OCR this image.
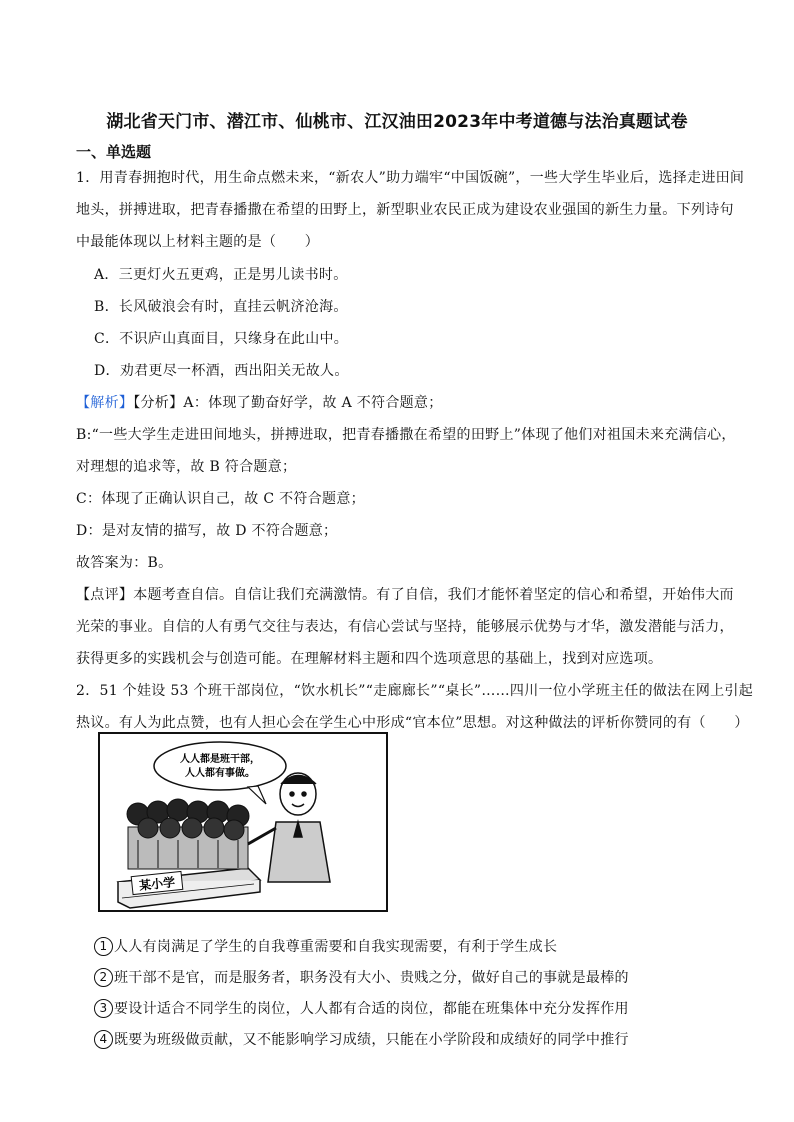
湖北省天门市、潜江市、仙桃市、江汉油田2023年中考道德与法治真题试卷
一、单选题
1．用青春拥抱时代，用生命点燃未来，“新农人”助力端牢“中国饭碗”，一些大学生毕业后，选择走进田间
地头，拼搏进取，把青春播撒在希望的田野上，新型职业农民正成为建设农业强国的新生力量。下列诗句
中最能体现以上材料主题的是（　　）
A．三更灯火五更鸡，正是男儿读书时。
B．长风破浪会有时，直挂云帆济沧海。
C．不识庐山真面目，只缘身在此山中。
D．劝君更尽一杯酒，西出阳关无故人。
【解析】【分析】A：体现了勤奋好学，故 A 不符合题意；
B:“一些大学生走进田间地头，拼搏进取，把青春播撒在希望的田野上”体现了他们对祖国未来充满信心，
对理想的追求等，故 B 符合题意；
C：体现了正确认识自己，故 C 不符合题意；
D：是对友情的描写，故 D 不符合题意；
故答案为：B。
【点评】本题考查自信。自信让我们充满激情。有了自信，我们才能怀着坚定的信心和希望，开始伟大而
光荣的事业。自信的人有勇气交往与表达，有信心尝试与坚持，能够展示优势与才华，激发潜能与活力，
获得更多的实践机会与创造可能。在理解材料主题和四个选项意思的基础上，找到对应选项。
2．51 个娃设 53 个班干部岗位，“饮水机长”“走廊廊长”“桌长”……四川一位小学班主任的做法在网上引起
热议。有人为此点赞，也有人担心会在学生心中形成“官本位”思想。对这种做法的评析你赞同的有（　　）
人人都是班干部，
人人都有事做。
某小学
1 人人有岗满足了学生的自我尊重需要和自我实现需要，有利于学生成长
2 班干部不是官，而是服务者，职务没有大小、贵贱之分，做好自己的事就是最棒的
3 要设计适合不同学生的岗位，人人都有合适的岗位，都能在班集体中充分发挥作用
4 既要为班级做贡献，又不能影响学习成绩，只能在小学阶段和成绩好的同学中推行
